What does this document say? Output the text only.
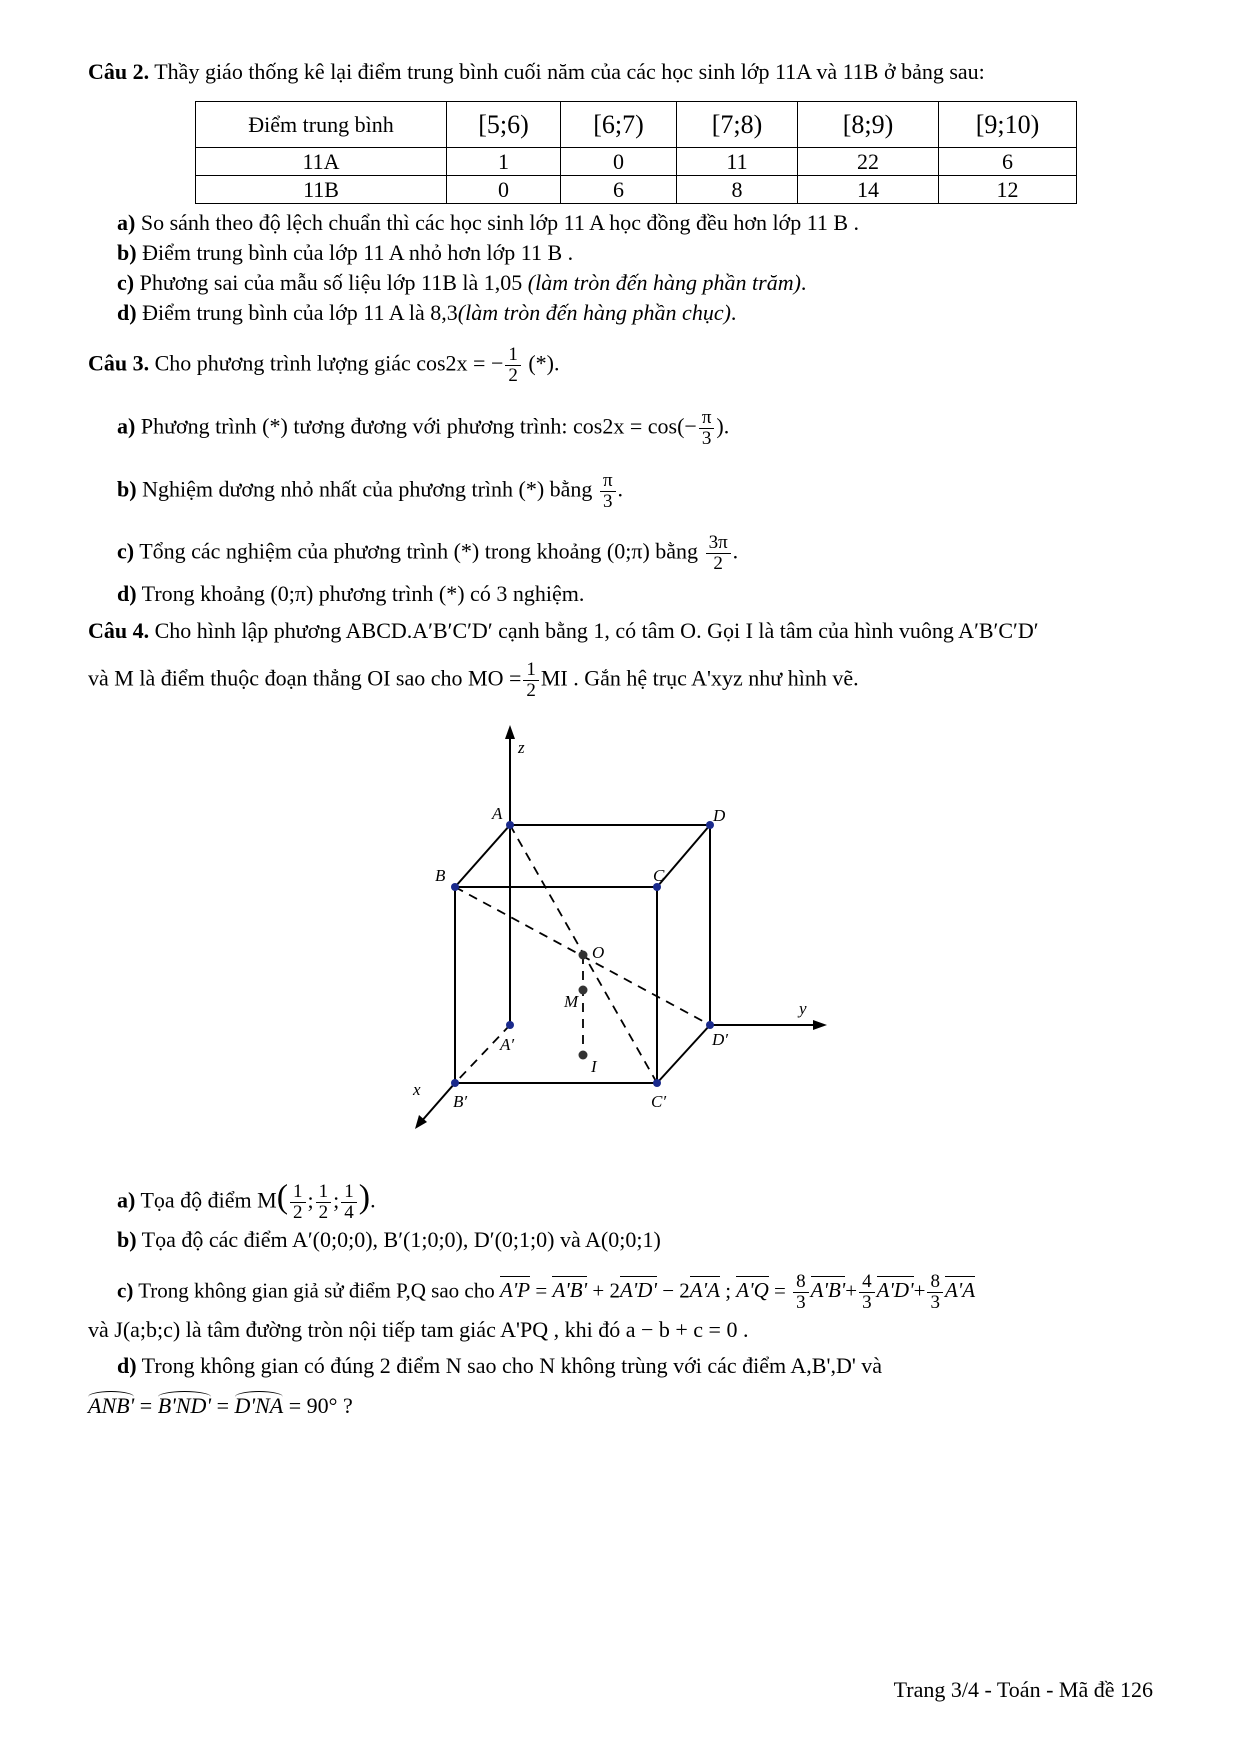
Câu 2. Thầy giáo thống kê lại điểm trung bình cuối năm của các học sinh lớp 11A và 11B ở bảng sau:
Điểm trung bình	[5;6)	[6;7)	[7;8)	[8;9)	[9;10)
11A	1	0	11	22	6
11B	0	6	8	14	12
a) So sánh theo độ lệch chuẩn thì các học sinh lớp 11 A học đồng đều hơn lớp 11 B .
b) Điểm trung bình của lớp 11 A nhỏ hơn lớp 11 B .
c) Phương sai của mẫu số liệu lớp 11B là 1,05 (làm tròn đến hàng phần trăm).
d) Điểm trung bình của lớp 11 A là 8,3(làm tròn đến hàng phần chục).
Câu 3. Cho phương trình lượng giác cos2x = − $\frac{1}{2}$ (*).
a) Phương trình (*) tương đương với phương trình: $\cos 2x = \cos(- \frac{\pi}{3}$ ).
b) Nghiệm dương nhỏ nhất của phương trình (*) bằng $\frac{\pi}{3}$ .
c) Tổng các nghiệm của phương trình (*) trong khoảng (0;π) bằng $\frac{3\pi}{2}$ .
d) Trong khoảng (0;π) phương trình (*) có 3 nghiệm.
Câu 4. Cho hình lập phương ABCD.A′B′C′D′ cạnh bằng 1, có tâm O. Gọi I là tâm của hình vuông A′B′C′D′
và M là điểm thuộc đoạn thẳng OI sao cho MO = $\frac{1}{2}$ MI . Gắn hệ trục A'xyz như hình vẽ.
z
y
x
A	D
B	C
A′	D′
B′	C′
O
M
I
a) Tọa độ điểm $M( \frac{1}{2}$ ; $\frac{1}{2}$ ; $\frac{1}{4}$ ).
b) Tọa độ các điểm A′(0;0;0), B′(1;0;0), D′(0;1;0) và A(0;0;1)
c) Trong không gian giả sử điểm P,Q sao cho A'P = A'B' + 2A'D' − 2A'A ; $A'Q = \frac{8}{3} A'B'+ \frac{4}{3} A'D'+ \frac{8}{3} A'A$
và J(a;b;c) là tâm đường tròn nội tiếp tam giác A'PQ , khi đó a − b + c = 0 .
d) Trong không gian có đúng 2 điểm N sao cho N không trùng với các điểm A,B',D' và
ANB' = B'ND' = D'NA = 90° ?
Trang 3/4 - Toán - Mã đề 126
